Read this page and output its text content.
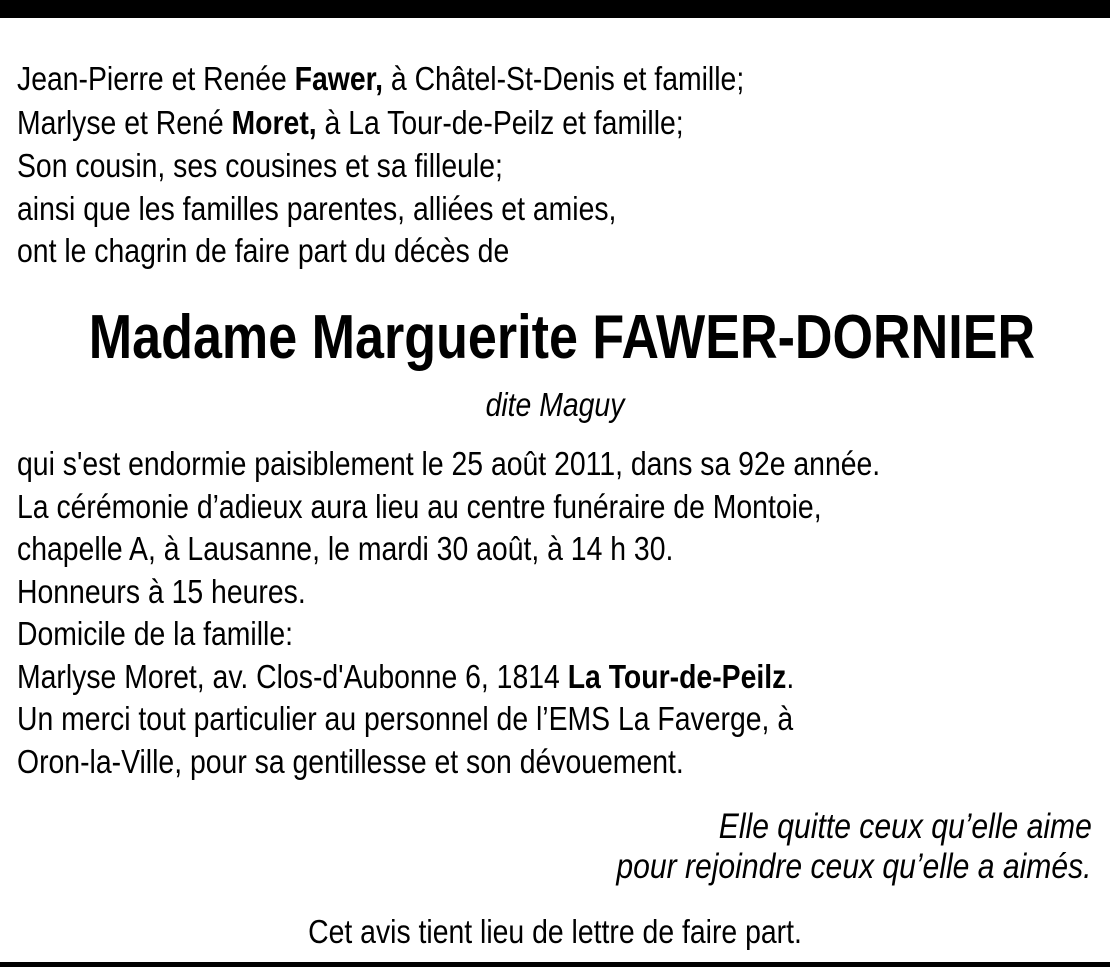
Jean-Pierre et Renée Fawer, à Châtel-St-Denis et famille;
Marlyse et René Moret, à La Tour-de-Peilz et famille;
Son cousin, ses cousines et sa filleule;
ainsi que les familles parentes, alliées et amies,
ont le chagrin de faire part du décès de
Madame Marguerite FAWER-DORNIER
dite Maguy
qui s'est endormie paisiblement le 25 août 2011, dans sa 92e année.
La cérémonie d’adieux aura lieu au centre funéraire de Montoie,
chapelle A, à Lausanne, le mardi 30 août, à 14 h 30.
Honneurs à 15 heures.
Domicile de la famille:
Marlyse Moret, av. Clos-d'Aubonne 6, 1814 La Tour-de-Peilz.
Un merci tout particulier au personnel de l’EMS La Faverge, à
Oron-la-Ville, pour sa gentillesse et son dévouement.
Elle quitte ceux qu’elle aime
pour rejoindre ceux qu’elle a aimés.
Cet avis tient lieu de lettre de faire part.
